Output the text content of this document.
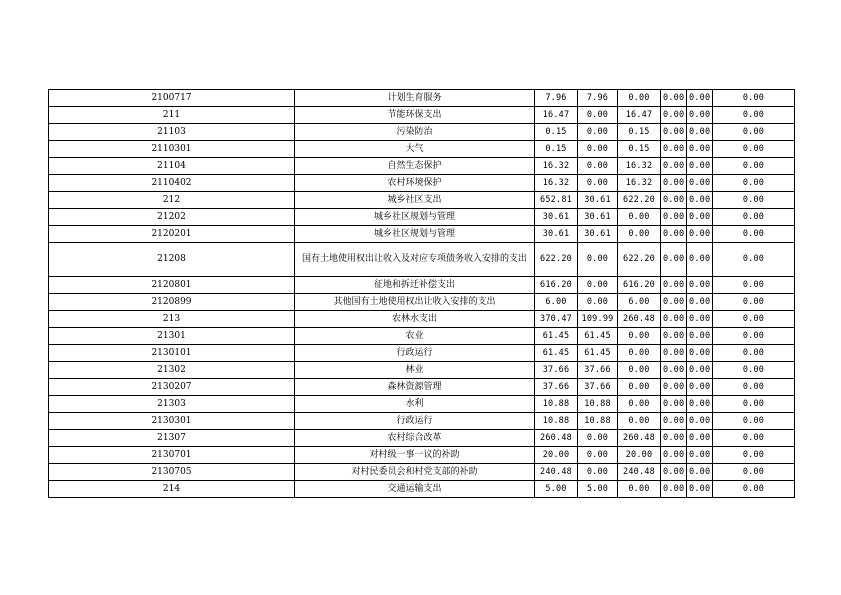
2100717	计划生育服务	7.96	7.96	0.00	0.00	0.00	0.00
211	节能环保支出	16.47	0.00	16.47	0.00	0.00	0.00
21103	污染防治	0.15	0.00	0.15	0.00	0.00	0.00
2110301	大气	0.15	0.00	0.15	0.00	0.00	0.00
21104	自然生态保护	16.32	0.00	16.32	0.00	0.00	0.00
2110402	农村环境保护	16.32	0.00	16.32	0.00	0.00	0.00
212	城乡社区支出	652.81	30.61	622.20	0.00	0.00	0.00
21202	城乡社区规划与管理	30.61	30.61	0.00	0.00	0.00	0.00
2120201	城乡社区规划与管理	30.61	30.61	0.00	0.00	0.00	0.00
21208	国有土地使用权出让收入及对应专项债务收入安排的支出	622.20	0.00	622.20	0.00	0.00	0.00
2120801	征地和拆迁补偿支出	616.20	0.00	616.20	0.00	0.00	0.00
2120899	其他国有土地使用权出让收入安排的支出	6.00	0.00	6.00	0.00	0.00	0.00
213	农林水支出	370.47	109.99	260.48	0.00	0.00	0.00
21301	农业	61.45	61.45	0.00	0.00	0.00	0.00
2130101	行政运行	61.45	61.45	0.00	0.00	0.00	0.00
21302	林业	37.66	37.66	0.00	0.00	0.00	0.00
2130207	森林资源管理	37.66	37.66	0.00	0.00	0.00	0.00
21303	水利	10.88	10.88	0.00	0.00	0.00	0.00
2130301	行政运行	10.88	10.88	0.00	0.00	0.00	0.00
21307	农村综合改革	260.48	0.00	260.48	0.00	0.00	0.00
2130701	对村级一事一议的补助	20.00	0.00	20.00	0.00	0.00	0.00
2130705	对村民委员会和村党支部的补助	240.48	0.00	240.48	0.00	0.00	0.00
214	交通运输支出	5.00	5.00	0.00	0.00	0.00	0.00
